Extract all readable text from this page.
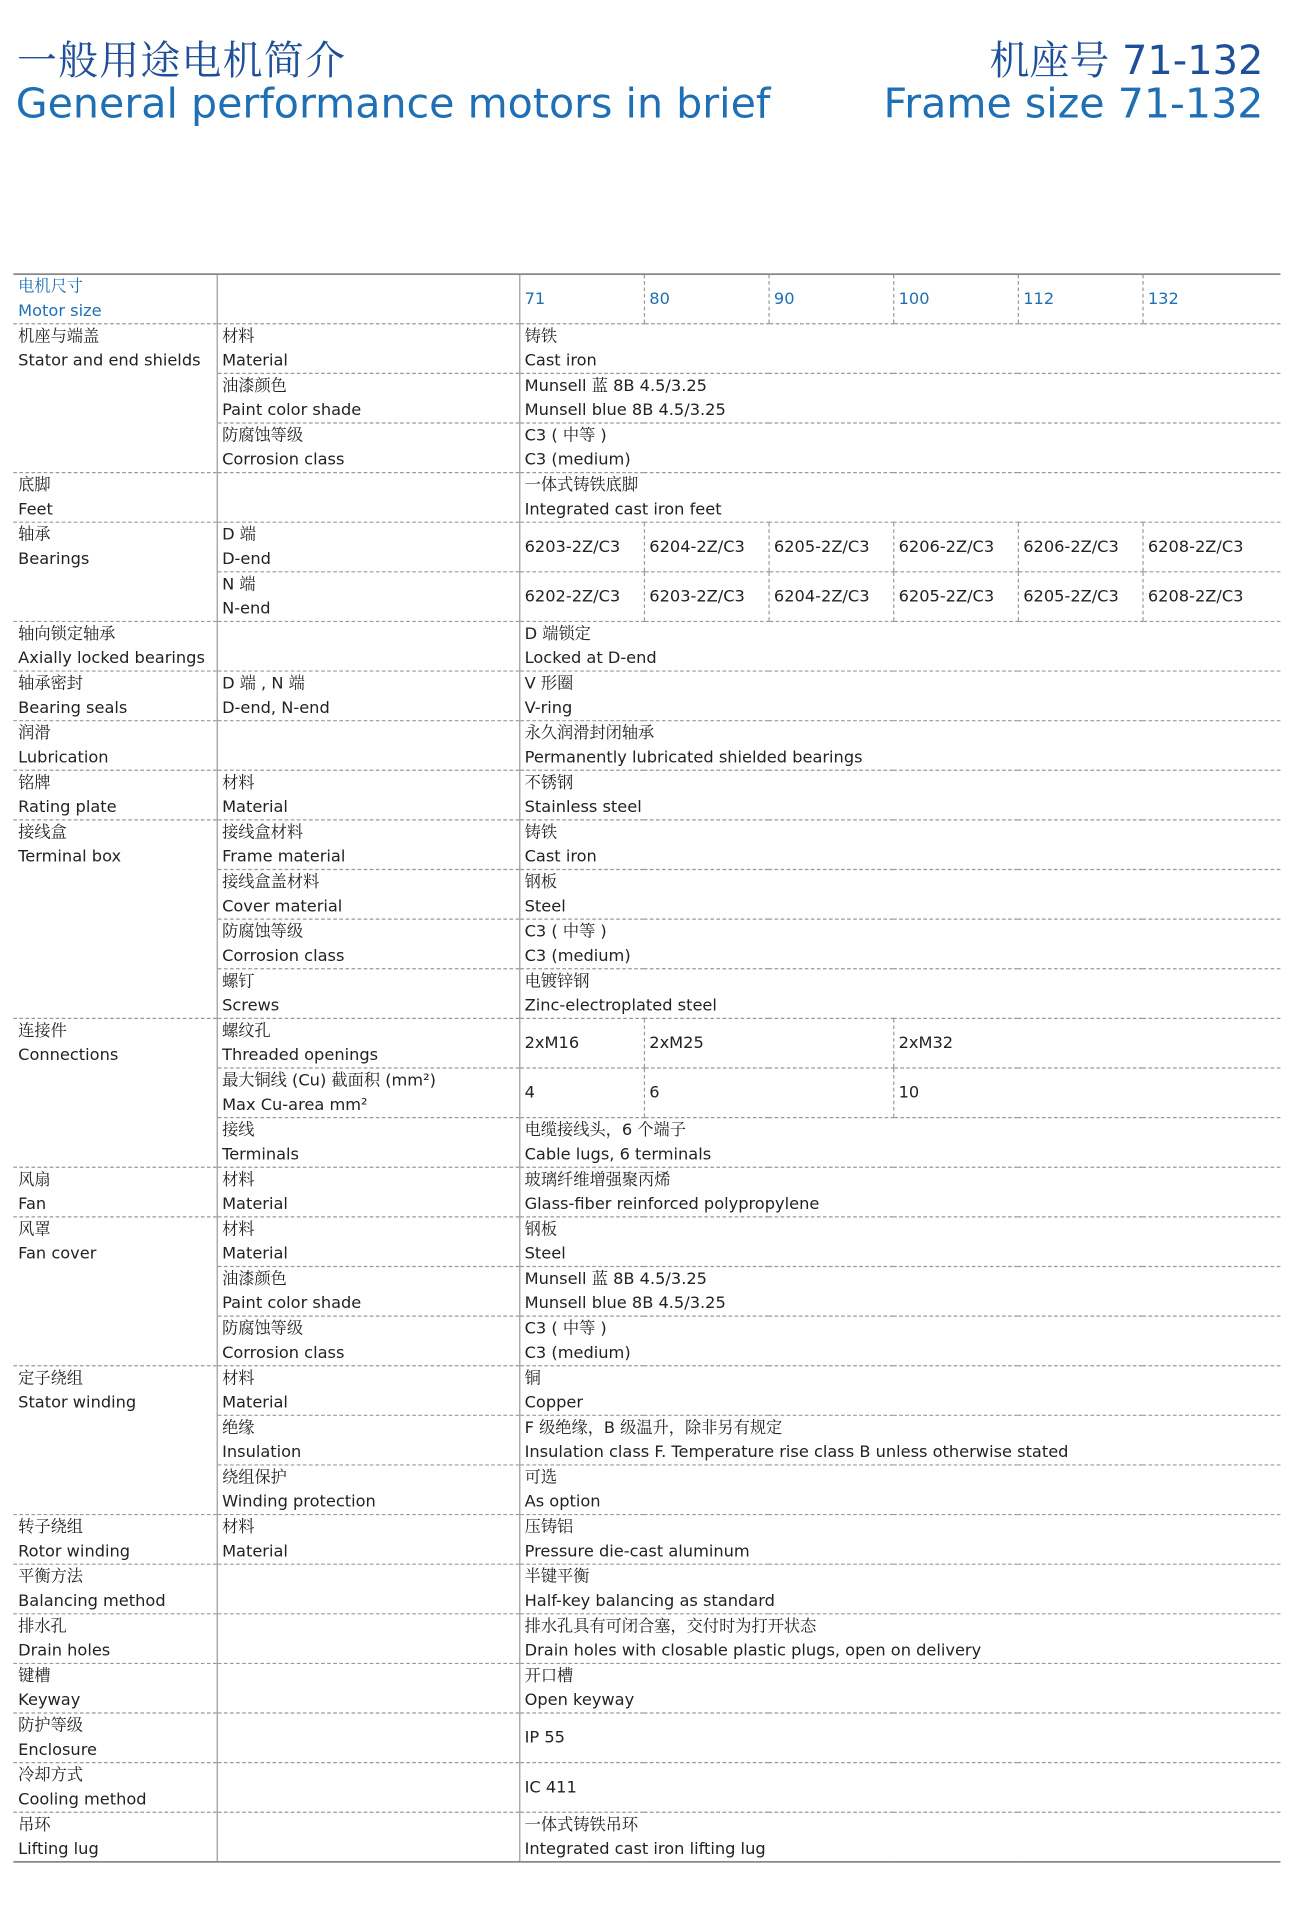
一般用途电机简介
General performance motors in brief
机座号 71-132
Frame size 71-132
电机尺寸
Motor size		71	80	90	100	112	132

机座与端盖
Stator and end shields	材料
Material	铸铁
Cast iron					

	油漆颜色
Paint color shade	Munsell 蓝 8B 4.5/3.25
Munsell blue 8B 4.5/3.25					

	防腐蚀等级
Corrosion class	C3 ( 中等 )
C3 (medium)					

底脚
Feet		一体式铸铁底脚
Integrated cast iron feet					

轴承
Bearings	D 端
D-end	6203-2Z/C3	6204-2Z/C3	6205-2Z/C3	6206-2Z/C3	6206-2Z/C3	6208-2Z/C3

	N 端
N-end	6202-2Z/C3	6203-2Z/C3	6204-2Z/C3	6205-2Z/C3	6205-2Z/C3	6208-2Z/C3

轴向锁定轴承
Axially locked bearings		D 端锁定
Locked at D-end					

轴承密封
Bearing seals	D 端 , N 端
D-end, N-end	V 形圈
V-ring					

润滑
Lubrication		永久润滑封闭轴承
Permanently lubricated shielded bearings					

铭牌
Rating plate	材料
Material	不锈钢
Stainless steel					

接线盒
Terminal box	接线盒材料
Frame material	铸铁
Cast iron					

	接线盒盖材料
Cover material	钢板
Steel					

	防腐蚀等级
Corrosion class	C3 ( 中等 )
C3 (medium)					

	螺钉
Screws	电镀锌钢
Zinc-electroplated steel					

连接件
Connections	螺纹孔
Threaded openings	2xM16	2xM25		2xM32		

	最大铜线 (Cu) 截面积 (mm²)
Max Cu-area mm²	4	6		10		

	接线
Terminals	电缆接线头，6 个端子
Cable lugs, 6 terminals					

风扇
Fan	材料
Material	玻璃纤维增强聚丙烯
Glass-fiber reinforced polypropylene					

风罩
Fan cover	材料
Material	钢板
Steel					

	油漆颜色
Paint color shade	Munsell 蓝 8B 4.5/3.25
Munsell blue 8B 4.5/3.25					

	防腐蚀等级
Corrosion class	C3 ( 中等 )
C3 (medium)					

定子绕组
Stator winding	材料
Material	铜
Copper					

	绝缘
Insulation	F 级绝缘，B 级温升，除非另有规定
Insulation class F. Temperature rise class B unless otherwise stated					

	绕组保护
Winding protection	可选
As option					

转子绕组
Rotor winding	材料
Material	压铸铝
Pressure die-cast aluminum					

平衡方法
Balancing method		半键平衡
Half-key balancing as standard					

排水孔
Drain holes		排水孔具有可闭合塞，交付时为打开状态
Drain holes with closable plastic plugs, open on delivery					

键槽
Keyway		开口槽
Open keyway					

防护等级
Enclosure		IP 55					

冷却方式
Cooling method		IC 411					

吊环
Lifting lug		一体式铸铁吊环
Integrated cast iron lifting lug					
